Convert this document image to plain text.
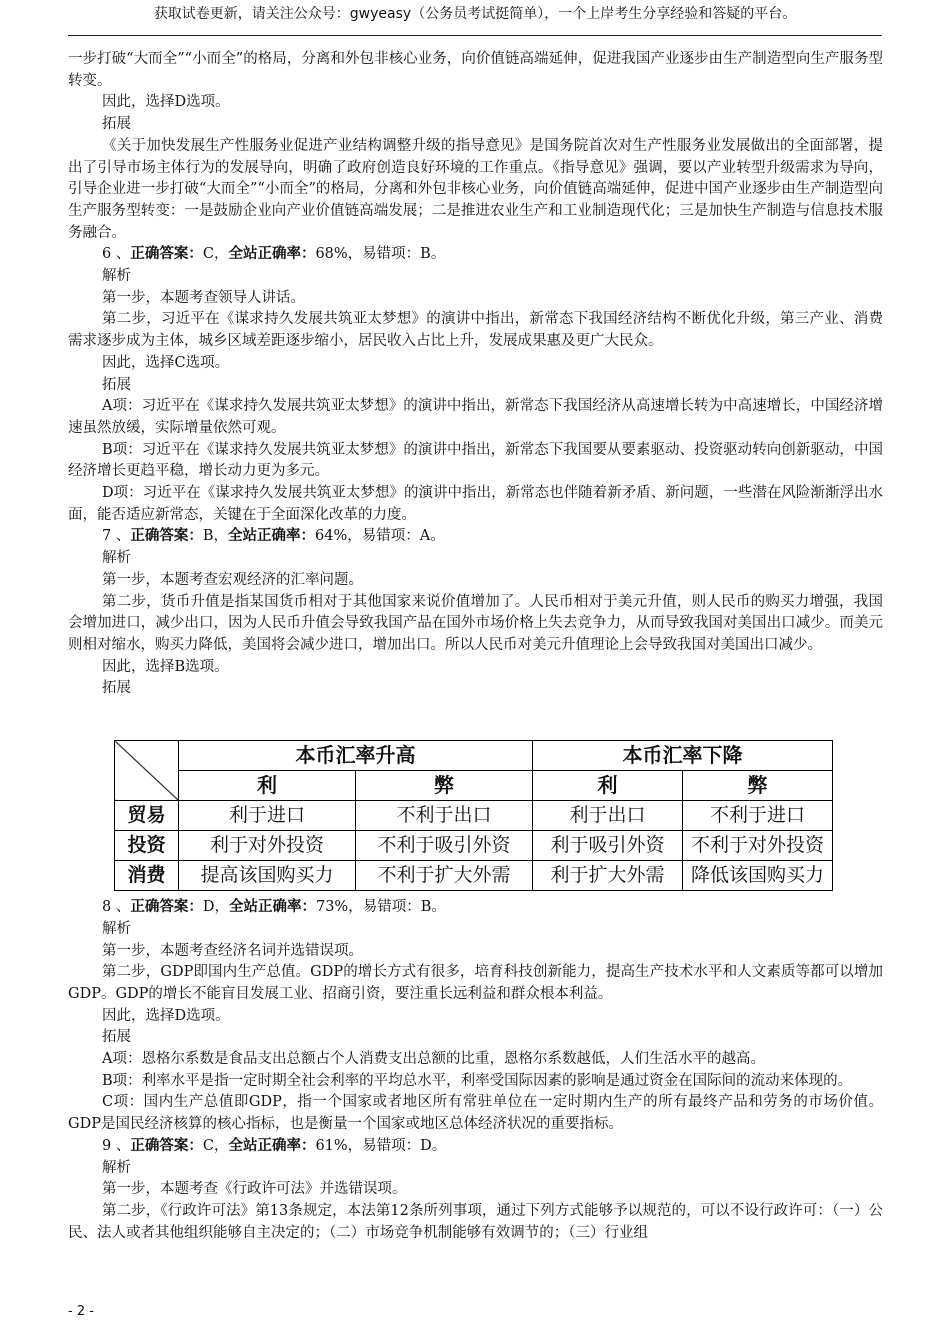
获取试卷更新，请关注公众号：gwyeasy（公务员考试挺简单），一个上岸考生分享经验和答疑的平台。

一步打破“大而全”“小而全”的格局，分离和外包非核心业务，向价值链高端延伸，促进我国产业逐步由生产制造型向生产服务型转变。

因此，选择D选项。

拓展

《关于加快发展生产性服务业促进产业结构调整升级的指导意见》是国务院首次对生产性服务业发展做出的全面部署，提出了引导市场主体行为的发展导向，明确了政府创造良好环境的工作重点。《指导意见》强调，要以产业转型升级需求为导向，引导企业进一步打破“大而全”“小而全”的格局，分离和外包非核心业务，向价值链高端延伸，促进中国产业逐步由生产制造型向生产服务型转变：一是鼓励企业向产业价值链高端发展；二是推进农业生产和工业制造现代化；三是加快生产制造与信息技术服务融合。

6 、正确答案：C，全站正确率：68%，易错项：B。

解析

第一步，本题考查领导人讲话。

第二步，习近平在《谋求持久发展共筑亚太梦想》的演讲中指出，新常态下我国经济结构不断优化升级，第三产业、消费需求逐步成为主体，城乡区域差距逐步缩小，居民收入占比上升，发展成果惠及更广大民众。

因此，选择C选项。

拓展

A项：习近平在《谋求持久发展共筑亚太梦想》的演讲中指出，新常态下我国经济从高速增长转为中高速增长，中国经济增速虽然放缓，实际增量依然可观。

B项：习近平在《谋求持久发展共筑亚太梦想》的演讲中指出，新常态下我国要从要素驱动、投资驱动转向创新驱动，中国经济增长更趋平稳，增长动力更为多元。

D项：习近平在《谋求持久发展共筑亚太梦想》的演讲中指出，新常态也伴随着新矛盾、新问题，一些潜在风险渐渐浮出水面，能否适应新常态，关键在于全面深化改革的力度。

7 、正确答案：B，全站正确率：64%，易错项：A。

解析

第一步，本题考查宏观经济的汇率问题。

第二步，货币升值是指某国货币相对于其他国家来说价值增加了。人民币相对于美元升值，则人民币的购买力增强，我国会增加进口，减少出口，因为人民币升值会导致我国产品在国外市场价格上失去竞争力，从而导致我国对美国出口减少。而美元则相对缩水，购买力降低，美国将会减少进口，增加出口。所以人民币对美元升值理论上会导致我国对美国出口减少。

因此，选择B选项。

拓展

	本币汇率升高		本币汇率下降	
	利	弊	利	弊
贸易	利于进口	不利于出口	利于出口	不利于进口
投资	利于对外投资	不利于吸引外资	利于吸引外资	不利于对外投资
消费	提高该国购买力	不利于扩大外需	利于扩大外需	降低该国购买力

8 、正确答案：D，全站正确率：73%，易错项：B。

解析

第一步，本题考查经济名词并选错误项。

第二步，GDP即国内生产总值。GDP的增长方式有很多，培育科技创新能力，提高生产技术水平和人文素质等都可以增加GDP。GDP的增长不能盲目发展工业、招商引资，要注重长远利益和群众根本利益。

因此，选择D选项。

拓展

A项：恩格尔系数是食品支出总额占个人消费支出总额的比重，恩格尔系数越低，人们生活水平的越高。

B项：利率水平是指一定时期全社会利率的平均总水平，利率受国际因素的影响是通过资金在国际间的流动来体现的。

C项：国内生产总值即GDP，指一个国家或者地区所有常驻单位在一定时期内生产的所有最终产品和劳务的市场价值。GDP是国民经济核算的核心指标，也是衡量一个国家或地区总体经济状况的重要指标。

9 、正确答案：C，全站正确率：61%，易错项：D。

解析

第一步，本题考查《行政许可法》并选错误项。

第二步，《行政许可法》第13条规定，本法第12条所列事项，通过下列方式能够予以规范的，可以不设行政许可：（一）公民、法人或者其他组织能够自主决定的；（二）市场竞争机制能够有效调节的；（三）行业组

- 2 -
